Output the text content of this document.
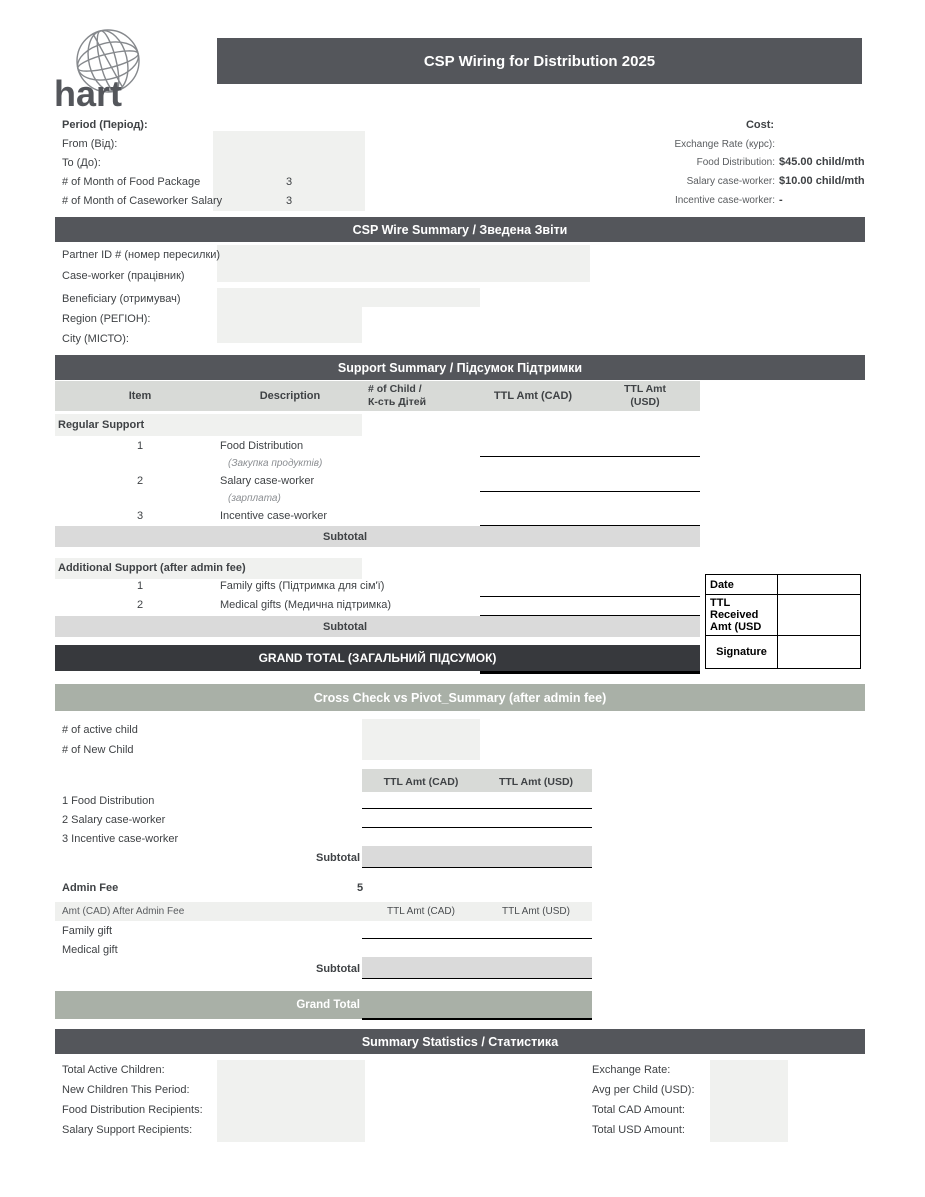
hart
CSP Wiring for Distribution 2025
Period (Період):
From (Від):
To (До):
# of Month of Food Package	3
# of Month of Caseworker Salary	3
Cost:
Exchange Rate (курс):
Food Distribution: $45.00 child/mth
Salary case-worker: $10.00 child/mth
Incentive case-worker: -
CSP Wire Summary / Зведена Звіти
Partner ID # (номер пересилки)
Case-worker (працівник)
Beneficiary (отримувач)
Region (РЕГІОН):
City (МІСТО):
Support Summary / Підсумок Підтримки
Item	Description
# of Child /
К-сть Дітей	TTL Amt (CAD)
TTL Amt
(USD)
Regular Support
1	Food Distribution
(Закупка продуктів)
2	Salary case-worker
(зарплата)
3	Incentive case-worker
Subtotal
Additional Support (after admin fee)
1	Family gifts (Підтримка для сім'ї)
2	Medical gifts (Медична підтримка)
Subtotal
GRAND TOTAL (ЗАГАЛЬНИЙ ПІДСУМОК)
Date	

TTL Received
Amt (USD	

Signature	
Cross Check vs Pivot_Summary (after admin fee)
# of active child
# of New Child
TTL Amt (CAD)	TTL Amt (USD)
1 Food Distribution
2 Salary case-worker
3 Incentive case-worker
Subtotal
Admin Fee	5
Amt (CAD) After Admin Fee	TTL Amt (CAD)	TTL Amt (USD)
Family gift
Medical gift
Subtotal
Grand Total
Summary Statistics / Статистика
Total Active Children:
New Children This Period:
Food Distribution Recipients:
Salary Support Recipients:
Exchange Rate:
Avg per Child (USD):
Total CAD Amount:
Total USD Amount:
